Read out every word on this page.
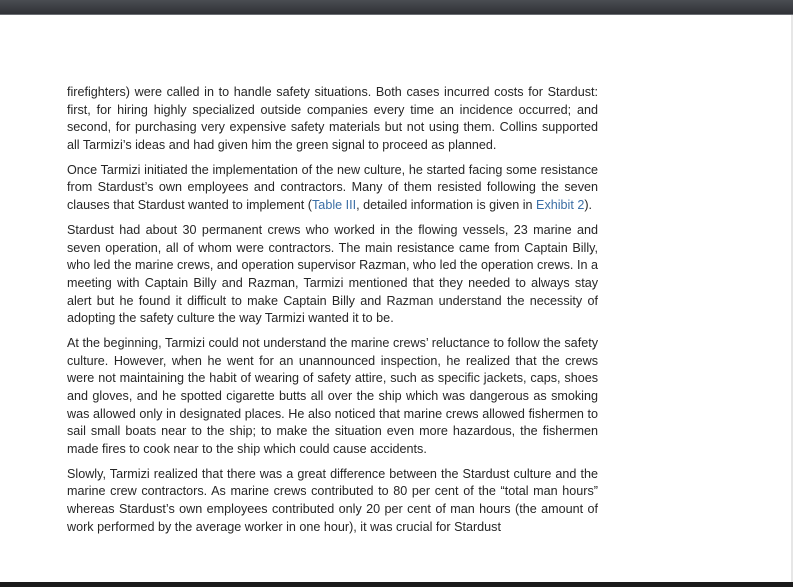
firefighters) were called in to handle safety situations. Both cases incurred costs for Stardust: first, for hiring highly specialized outside companies every time an incidence occurred; and second, for purchasing very expensive safety materials but not using them. Collins supported all Tarmizi’s ideas and had given him the green signal to proceed as planned.

Once Tarmizi initiated the implementation of the new culture, he started facing some resistance from Stardust’s own employees and contractors. Many of them resisted following the seven clauses that Stardust wanted to implement (Table III, detailed information is given in Exhibit 2).

Stardust had about 30 permanent crews who worked in the flowing vessels, 23 marine and seven operation, all of whom were contractors. The main resistance came from Captain Billy, who led the marine crews, and operation supervisor Razman, who led the operation crews. In a meeting with Captain Billy and Razman, Tarmizi mentioned that they needed to always stay alert but he found it difficult to make Captain Billy and Razman understand the necessity of adopting the safety culture the way Tarmizi wanted it to be.

At the beginning, Tarmizi could not understand the marine crews’ reluctance to follow the safety culture. However, when he went for an unannounced inspection, he realized that the crews were not maintaining the habit of wearing of safety attire, such as specific jackets, caps, shoes and gloves, and he spotted cigarette butts all over the ship which was dangerous as smoking was allowed only in designated places. He also noticed that marine crews allowed fishermen to sail small boats near to the ship; to make the situation even more hazardous, the fishermen made fires to cook near to the ship which could cause accidents.

Slowly, Tarmizi realized that there was a great difference between the Stardust culture and the marine crew contractors. As marine crews contributed to 80 per cent of the “total man hours” whereas Stardust’s own employees contributed only 20 per cent of man hours (the amount of work performed by the average worker in one hour), it was crucial for Stardust
